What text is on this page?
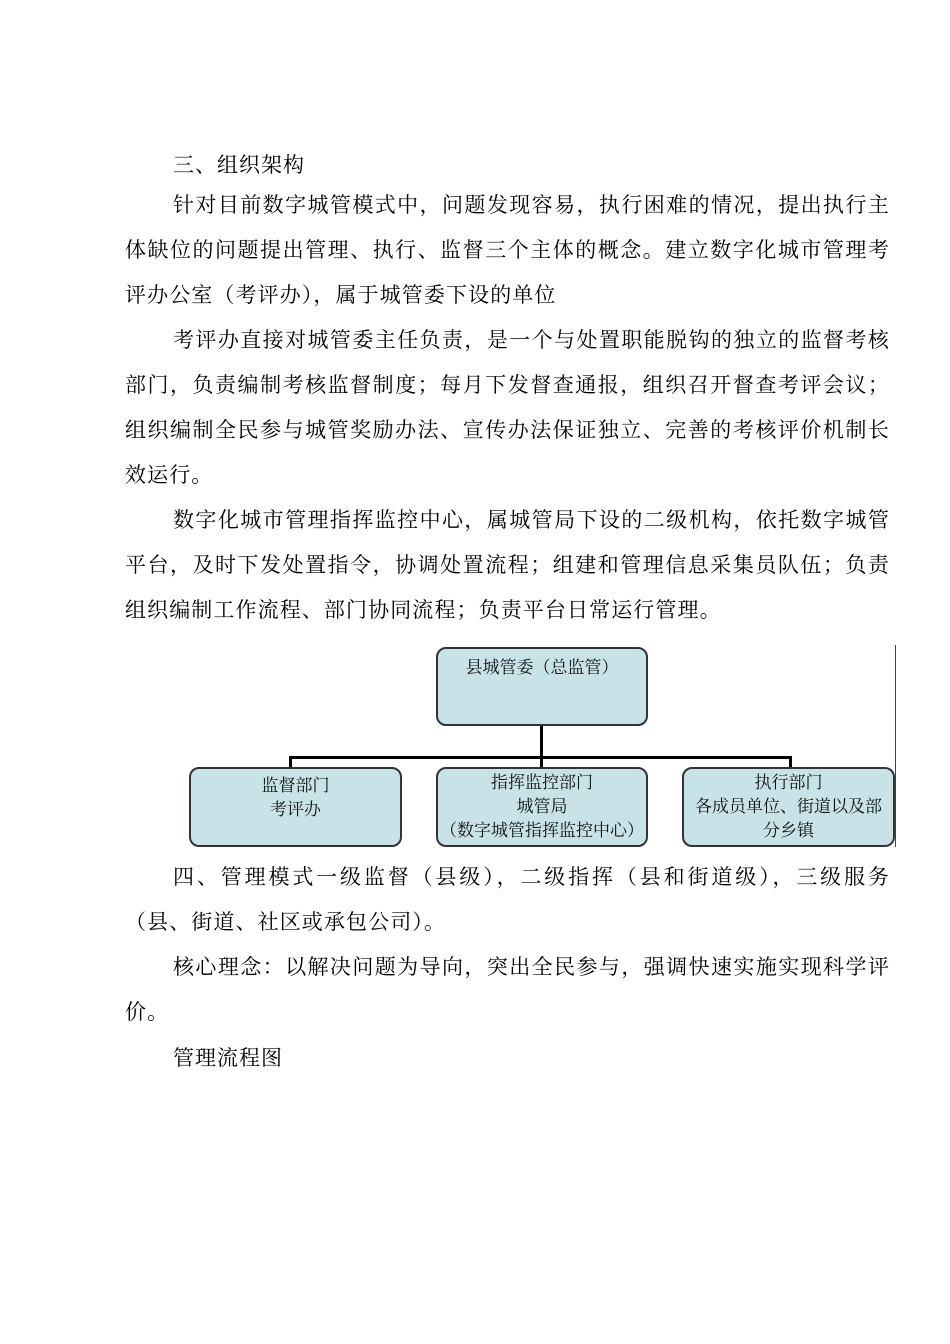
三、组织架构
针对目前数字城管模式中，问题发现容易，执行困难的情况，提出执行主体缺位的问题提出管理、执行、监督三个主体的概念。建立数字化城市管理考评办公室（考评办），属于城管委下设的单位
考评办直接对城管委主任负责，是一个与处置职能脱钩的独立的监督考核部门，负责编制考核监督制度；每月下发督查通报，组织召开督查考评会议；组织编制全民参与城管奖励办法、宣传办法保证独立、完善的考核评价机制长效运行。
数字化城市管理指挥监控中心，属城管局下设的二级机构，依托数字城管平台，及时下发处置指令，协调处置流程；组建和管理信息采集员队伍；负责组织编制工作流程、部门协同流程；负责平台日常运行管理。
县城管委（总监管）
监督部门
考评办
指挥监控部门
城管局
（数字城管指挥监控中心）
执行部门
各成员单位、街道以及部
分乡镇
四、管理模式一级监督（县级），二级指挥（县和街道级），三级服务（县、街道、社区或承包公司）。
核心理念：以解决问题为导向，突出全民参与，强调快速实施实现科学评价。
管理流程图
